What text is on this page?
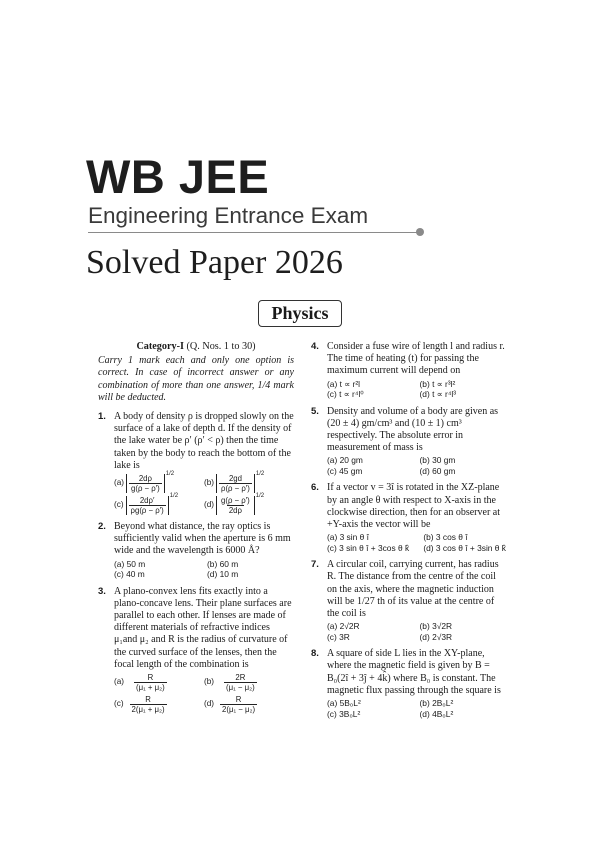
WB JEE
Engineering Entrance Exam
Solved Paper 2026
Physics
Category-I (Q. Nos. 1 to 30)
Carry 1 mark each and only one option is correct. In case of incorrect answer or any combination of more than one answer, 1/4 mark will be deducted.
1. A body of density ρ is dropped slowly on the surface of a lake of depth d. If the density of the lake water be ρ′ (ρ′ < ρ) then the time taken by the body to reach the bottom of the lake is
$(a) \frac{2d\rho}{g(\rho - \rho')} 1/2$
$(b) \frac{2gd}{\rho(\rho - \rho')} 1/2$
$(c) \frac{2d\rho'}{\rho g(\rho - \rho')} 1/2$
$(d) \frac{g(\rho - \rho')}{2d\rho} 1/2$
2. Beyond what distance, the ray optics is sufficiently valid when the aperture is 6 mm wide and the wavelength is 6000 Å?
(a) 50 m	(b) 60 m
(c) 40 m	(d) 10 m
3. A plano-convex lens fits exactly into a plano-concave lens. Their plane surfaces are parallel to each other. If lenses are made of different materials of refractive indices μ₁and μ₂ and R is the radius of curvature of the curved surface of the lenses, then the focal length of the combination is
$(a) \frac{R}{\text{(μ₁ + μ₂)}}$	$(b) \frac{2R}{\text{(μ₁ − μ₂)}}$
$(c) \frac{R}{\text{2(μ₁ + μ₂)}}$	$(d) \frac{R}{\text{2(μ₁ − μ₂)}}$
4. Consider a fuse wire of length l and radius r. The time of heating (t) for passing the maximum current will depend on
(a) t ∝ r²l	(b) t ∝ r³l²
(c) t ∝ r⁴l⁰	(d) t ∝ r⁴l³
5. Density and volume of a body are given as (20 ± 4) gm/cm³ and (10 ± 1) cm³ respectively. The absolute error in measurement of mass is
(a) 20 gm	(b) 30 gm
(c) 45 gm	(d) 60 gm
6. If a vector v = 3î is rotated in the XZ-plane by an angle θ with respect to X-axis in the clockwise direction, then for an observer at +Y-axis the vector will be
(a) 3 sin θ î	(b) 3 cos θ î
(c) 3 sin θ î + 3cos θ k̂	(d) 3 cos θ î + 3sin θ k̂
7. A circular coil, carrying current, has radius R. The distance from the centre of the coil on the axis, where the magnetic induction will be 1/27 th of its value at the centre of the coil is
(a) 2√2R	(b) 3√2R
(c) 3R	(d) 2√3R
8. A square of side L lies in the XY-plane, where the magnetic field is given by B = B₀(2î + 3ĵ + 4k̂) where B₀ is constant. The magnetic flux passing through the square is
(a) 5B₀L²	(b) 2B₀L²
(c) 3B₀L²	(d) 4B₀L²
